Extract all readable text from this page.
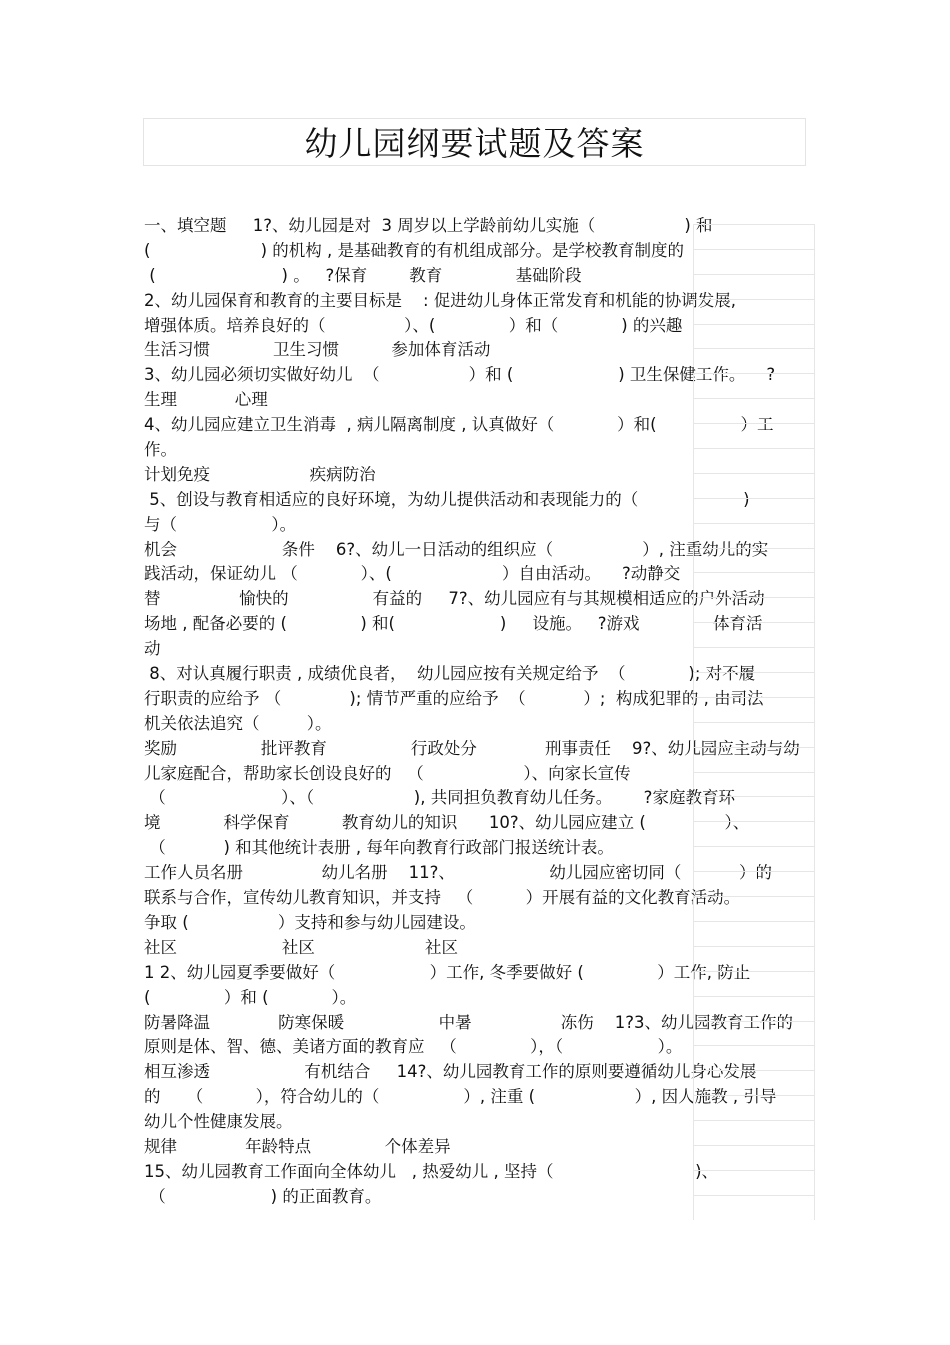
幼儿园纲要试题及答案
一、填空题     1?、幼儿园是对  3 周岁以上学龄前幼儿实施（                 ) 和
(                     ) 的机构 , 是基础教育的有机组成部分。是学校教育制度的
(                        ) 。   ?保育        教育              基础阶段
2、幼儿园保育和教育的主要目标是    : 促进幼儿身体正常发育和机能的协调发展,
增强体质。培养良好的（               ）、(              ）和（            ) 的兴趣
生活习惯            卫生习惯          参加体育活动
3、幼儿园必须切实做好幼儿  （                 ）和 (                    ) 卫生保健工作。    ?
生理           心理
4、幼儿园应建立卫生消毒  , 病儿隔离制度 , 认真做好（            ）和(                ）工
作。
计划免疫                   疾病防治
5、创设与教育相适应的良好环境，为幼儿提供活动和表现能力的（                    )
与（                  ）。
机会                    条件    6?、幼儿一日活动的组织应（                 ）, 注重幼儿的实
践活动，保证幼儿 （            ）、(                     ）自由活动。    ?动静交
替               愉快的                有益的     7?、幼儿园应有与其规模相适应的户外活动
场地 , 配备必要的 (              ) 和(                    )     设施。   ?游戏              体育活
动
8、对认真履行职责 , 成绩优良者，  幼儿园应按有关规定给予  （            ); 对不履
行职责的应给予 （             ); 情节严重的应给予  （           ）;  构成犯罪的 , 由司法
机关依法追究（         ）。
奖励                批评教育                行政处分             刑事责任    9?、幼儿园应主动与幼
儿家庭配合，帮助家长创设良好的   （                   ）、向家长宣传
（                      ）、（                   ), 共同担负教育幼儿任务。      ?家庭教育环
境            科学保育          教育幼儿的知识      10?、幼儿园应建立 (               ）、
（           ) 和其他统计表册 , 每年向教育行政部门报送统计表。
工作人员名册               幼儿名册    11?、                  幼儿园应密切同（           ）的
联系与合作，宣传幼儿教育知识，并支持   （          ）开展有益的文化教育活动。
争取 (                 ）支持和参与幼儿园建设。
社区                    社区                     社区
1 2、幼儿园夏季要做好（                  ）工作, 冬季要做好 (              ）工作, 防止
(              ）和 (            ）。
防暑降温             防寒保暖                  中暑                 冻伤    1?3、幼儿园教育工作的
原则是体、智、德、美诸方面的教育应   （              ），（                  ）。
相互渗透                  有机结合     14?、幼儿园教育工作的原则要遵循幼儿身心发展
的     （          ），符合幼儿的（                ）, 注重 (                   ）, 因人施教 , 引导
幼儿个性健康发展。
规律             年龄特点              个体差异
15、幼儿园教育工作面向全体幼儿   , 热爱幼儿 , 坚持（                           )、
（                    ) 的正面教育。
